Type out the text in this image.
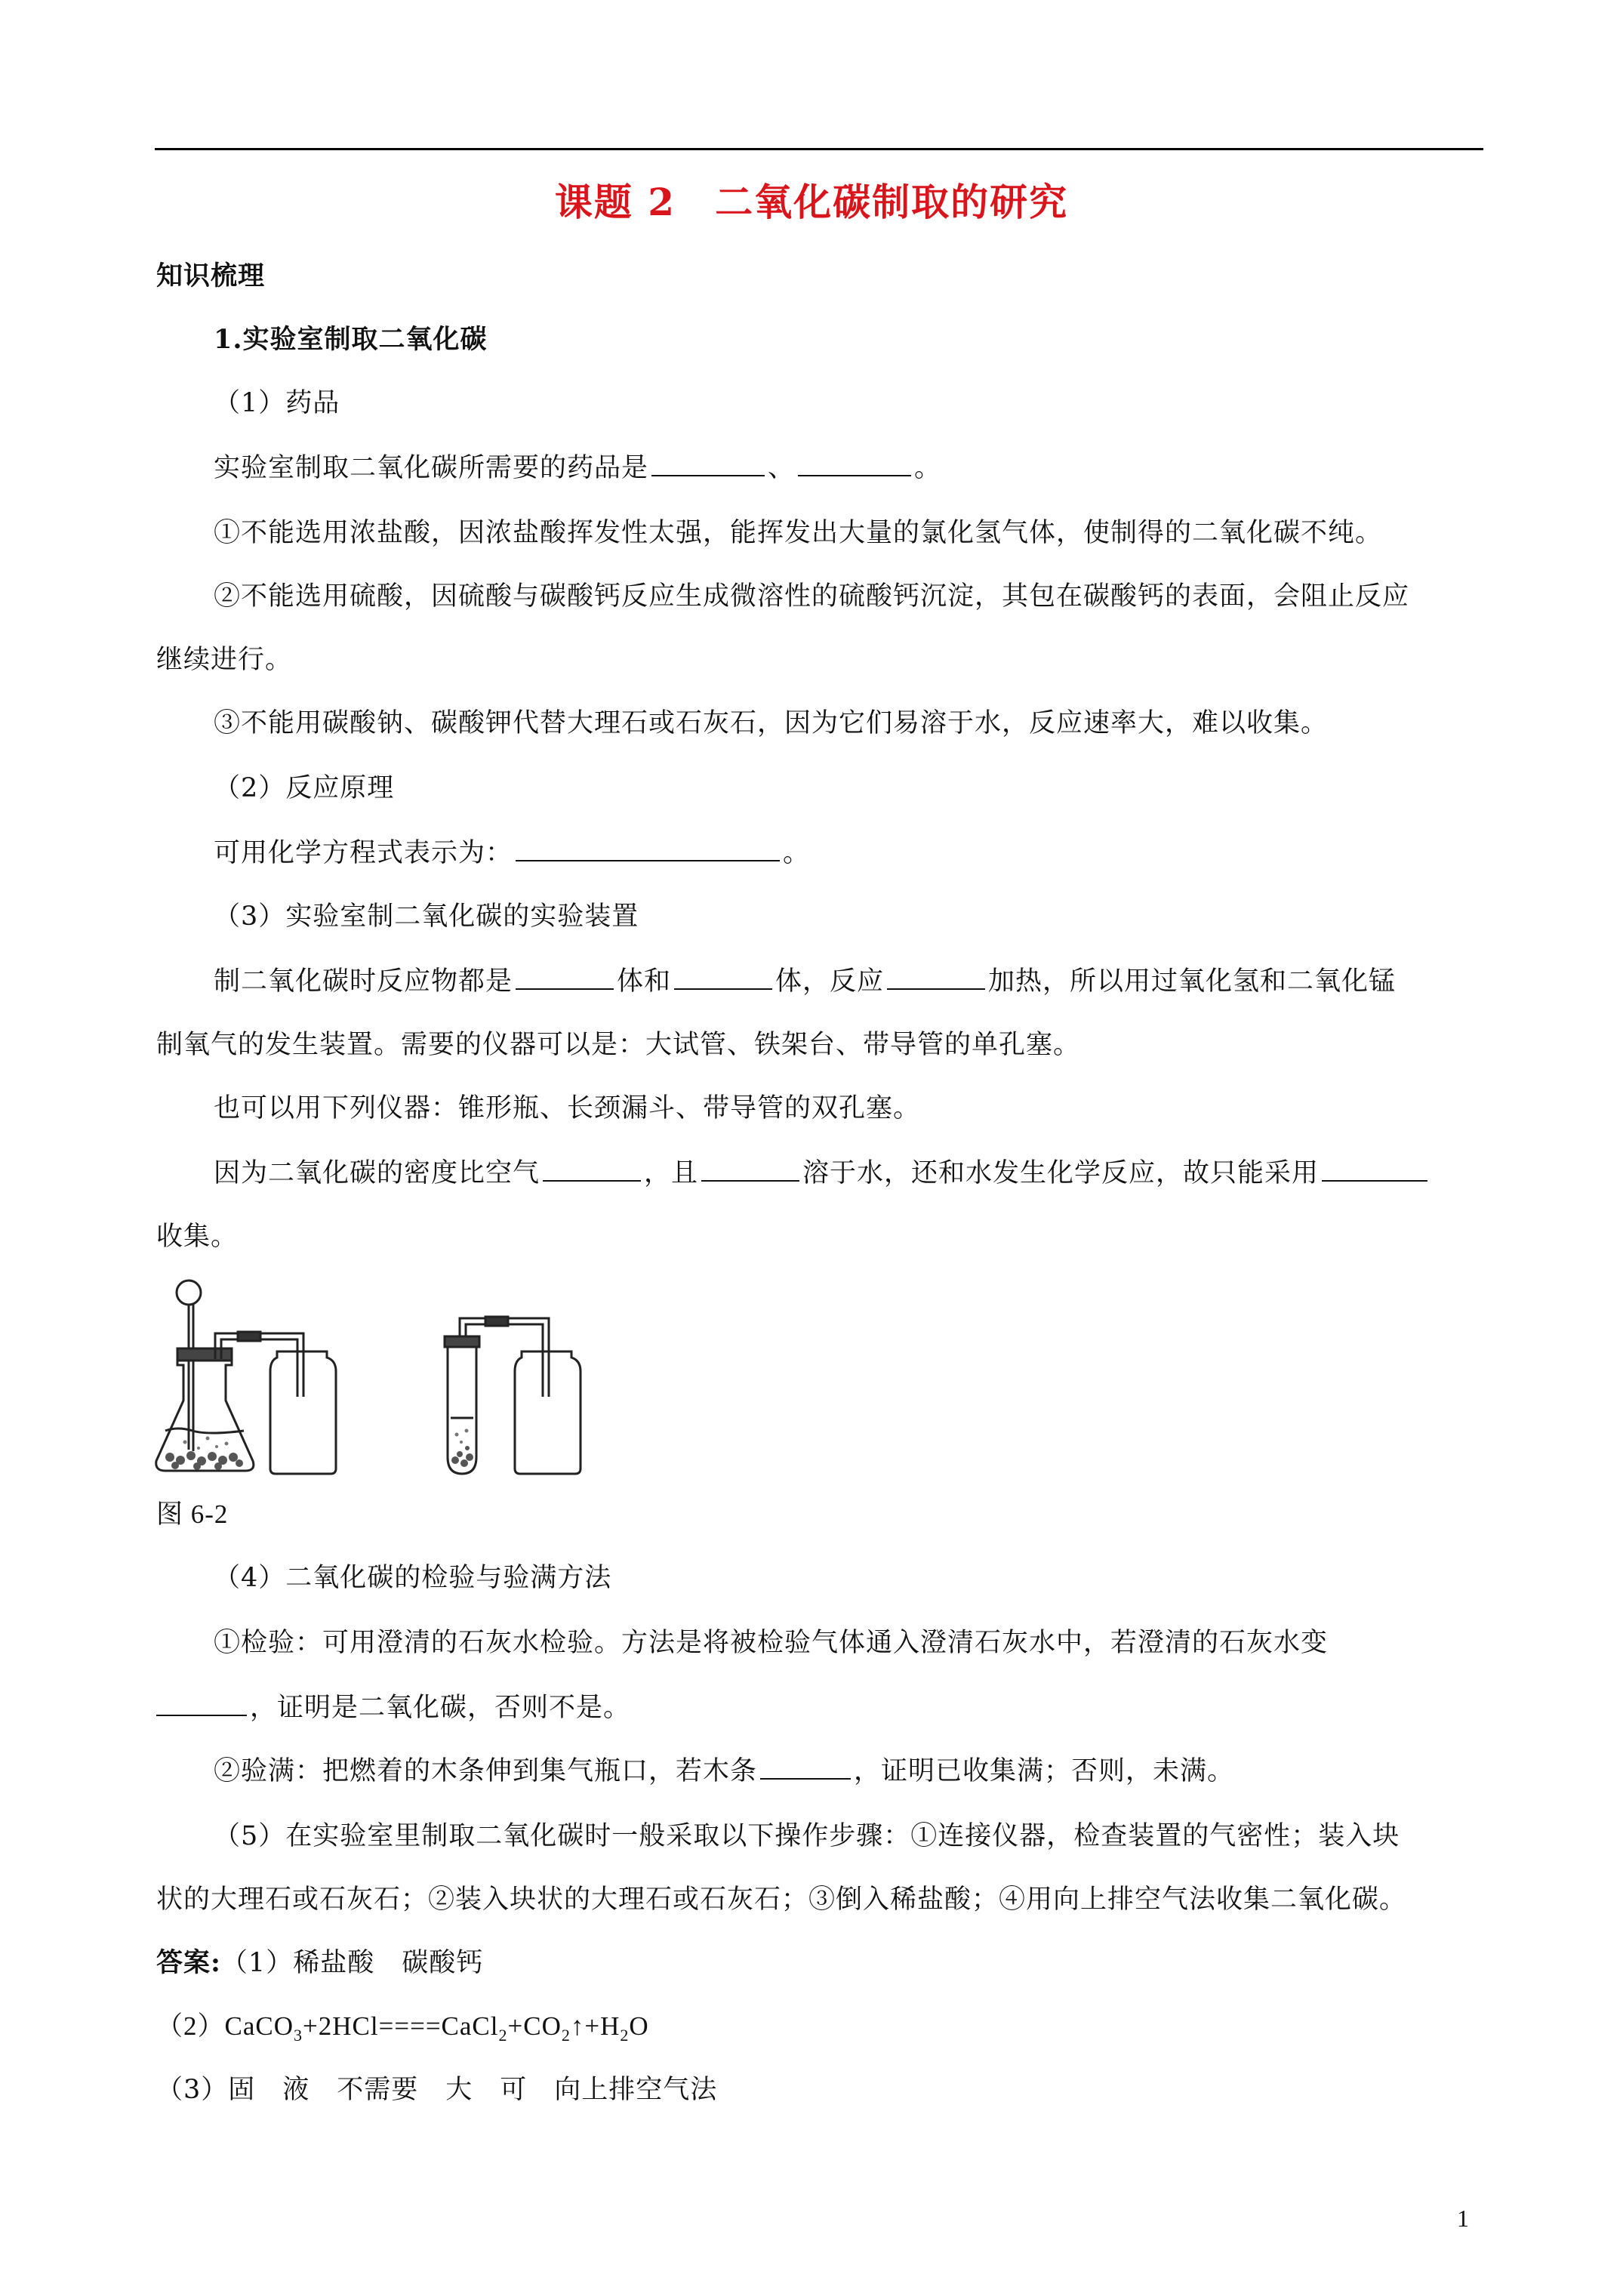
课题 2　二氧化碳制取的研究
知识梳理
1.实验室制取二氧化碳
（1）药品
实验室制取二氧化碳所需要的药品是	、	。
①不能选用浓盐酸，因浓盐酸挥发性太强，能挥发出大量的氯化氢气体，使制得的二氧化碳不纯。
②不能选用硫酸，因硫酸与碳酸钙反应生成微溶性的硫酸钙沉淀，其包在碳酸钙的表面，会阻止反应
继续进行。
③不能用碳酸钠、碳酸钾代替大理石或石灰石，因为它们易溶于水，反应速率大，难以收集。
（2）反应原理
可用化学方程式表示为：	。
（3）实验室制二氧化碳的实验装置
制二氧化碳时反应物都是	体和	体，反应	加热，所以用过氧化氢和二氧化锰
制氧气的发生装置。需要的仪器可以是：大试管、铁架台、带导管的单孔塞。
也可以用下列仪器：锥形瓶、长颈漏斗、带导管的双孔塞。
因为二氧化碳的密度比空气	，且	溶于水，还和水发生化学反应，故只能采用
收集。
图 6-2
（4）二氧化碳的检验与验满方法
①检验：可用澄清的石灰水检验。方法是将被检验气体通入澄清石灰水中，若澄清的石灰水变
，证明是二氧化碳，否则不是。
②验满：把燃着的木条伸到集气瓶口，若木条	，证明已收集满；否则，未满。
（5）在实验室里制取二氧化碳时一般采取以下操作步骤：①连接仪器，检查装置的气密性；装入块
状的大理石或石灰石；②装入块状的大理石或石灰石；③倒入稀盐酸；④用向上排空气法收集二氧化碳。
答案:（1）稀盐酸　碳酸钙
$(2)CaCO_3+2HCl====CaCl_2+CO_2↑+H_2O$
（3）固　液　不需要　大　可　向上排空气法
1
